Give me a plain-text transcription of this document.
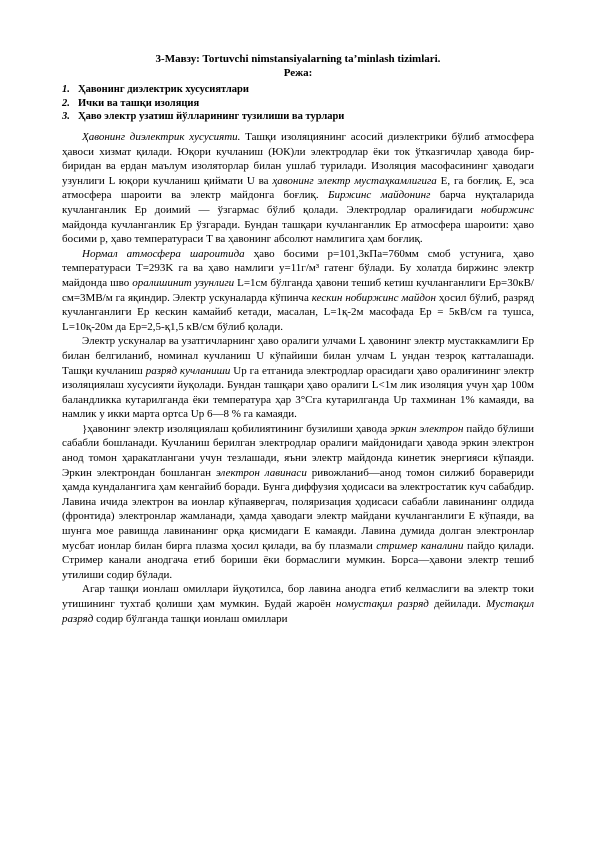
3-Мавзу: Tortuvchi nimstansiyalarning ta’minlash tizimlari.
Режа:
1. Ҳавонинг диэлектрик хусусиятлари
2. Ички ва ташқи изоляция
3. Ҳаво электр узатиш йўлларининг тузилиши ва турлари

Ҳавонинг диэлектрик хусусияти. Ташқи изоляциянинг асосий диэлектрики бўлиб атмосфера ҳавоси хизмат қилади. Юқори кучланиш (ЮК)ли электродлар ёки ток ўтказгичлар ҳавода бир-биридан ва ердан маълум изоляторлар билан ушлаб турилади. Изоляция масофасининг ҳаводаги узунлиги L юқори кучланиш қиймати U ва ҳавонинг электр мустаҳкамлигига E, га боғлиқ. E, эса атмосфера шароити ва электр майдонга боғлиқ. Биржинс майдонинг барча нуқталарида кучланганлик Eр доимий — ўзгармас бўлиб қолади. Электродлар оралиғидаги нобиржинс майдонда кучланганлик Eр ўзгаради. Бундан ташқари кучланганлик Eр атмосфера шароити: ҳаво босими p, ҳаво температураси T ва ҳавонинг абсолют намлигига ҳам боғлиқ.

Нормал атмосфера шароитида ҳаво босими p=101,3кПа=760мм смоб устунига, ҳаво температураси T=293K га ва ҳаво намлиги y=11г/м³ гатенг бўлади. Бу холатда биржинс электр майдонда шво оралишинит узунлиги L=1см бўлганда ҳавони тешиб кетиш кучланганлиги Eр=30кВ/см=3МВ/м га яқиндир. Электр ускуналарда кўпинча кескин нобиржинс майдон ҳосил бўлиб, разряд кучланганлиги Eр кескин камайиб кетади, масалан, L=1қ-2м масофада Eр = 5кВ/см га тушса, L=10қ-20м да Eр=2,5-қ1,5 кВ/см бўлиб қолади.

Электр ускуналар ва узатгичларнинг ҳаво оралиги улчами L ҳавонинг электр мустаккамлиги Eр билан белгиланиб, номинал кучланиш U кўпайиши билан улчам L ундан тезроқ катталашади. Ташқи кучланиш разряд кучланиши Uр га етганида электродлар орасидаги ҳаво оралиғининг электр изоляциялаш хусусияти йуқолади. Бундан ташқари ҳаво оралиги L<1м лик изоляция учун ҳар 100м баландликка кутарилганда ёки температура ҳар 3°Сга кутарилганда Uр тахминан 1% камаяди, ва намлик у икки марта ортса Uр 6—8 % га камаяди.

}ҳавонинг электр изоляциялаш қобилиятининг бузилиши ҳавода эркин электрон пайдо бўлиши сабабли бошланади. Кучланиш берилган электродлар оралиги майдонидаги ҳавода эркин электрон анод томон ҳаракатлангани учун тезлашади, яъни электр майдонда кинетик энергияси кўпаяди. Эркин электрондан бошланган электрон лавинаси ривожланиб—анод томон силжиб боравериди ҳамда кундалангига ҳам кенгайиб боради. Бунга диффузия ҳодисаси ва электростатик куч сабабдир. Лавина ичида электрон ва ионлар кўпаявергач, поляризация ҳодисаси сабабли лавинанинг олдида (фронтида) электронлар жамланади, ҳамда ҳаводаги электр майдани кучланганлиги E кўпаяди, ва шунга мое равишда лавинанинг орқа қисмидаги E камаяди. Лавина думида долган электронлар мусбат ионлар билан бирга плазма ҳосил қилади, ва бу плазмали стример каналини пайдо қилади. Стример канали анодгача етиб бориши ёки бормаслиги мумкин. Борса—ҳавони электр тешиб утилиши содир бўлади.

Агар ташқи ионлаш омиллари йуқотилса, бор лавина анодга етиб келмаслиги ва электр токи утишининг тухтаб қолиши ҳам мумкин. Будай жароён номустақил разряд дейилади. Мустақил разряд содир бўлганда ташқи ионлаш омиллари
